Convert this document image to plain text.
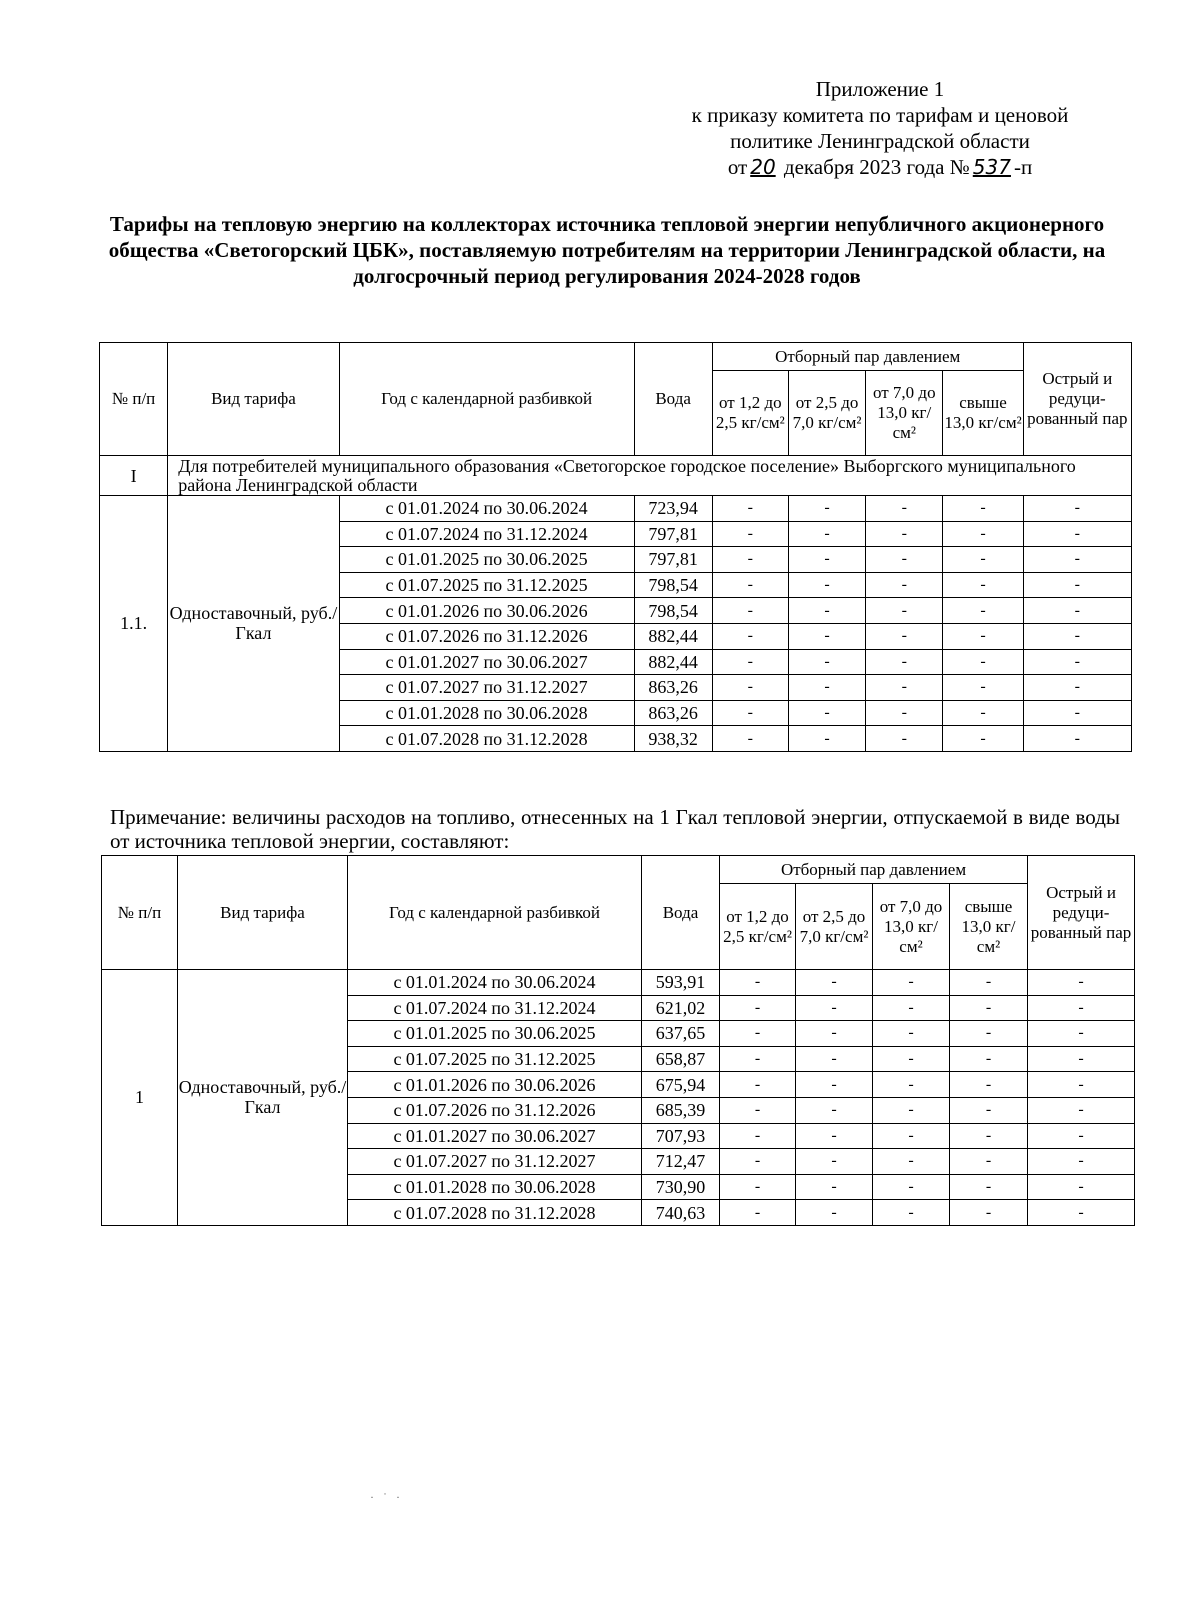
Приложение 1
к приказу комитета по тарифам и ценовой
политике Ленинградской области
от 20 декабря 2023 года № 537 -п
Тарифы на тепловую энергию на коллекторах источника тепловой энергии непубличного акционерного общества «Светогорский ЦБК», поставляемую потребителям на территории Ленинградской области, на долгосрочный период регулирования 2024-2028 годов
№ п/п	Вид тарифа	Год с календарной разбивкой	Вода	Отборный пар давлением				Острый и редуци-рованный пар
				от 1,2 до 2,5 кг/см²	от 2,5 до 7,0 кг/см²	от 7,0 до 13,0 кг/см²	свыше 13,0 кг/см²	
I	Для потребителей муниципального образования «Светогорское городское поселение» Выборгского муниципального района Ленинградской области							
1.1.	Одноставочный, руб./Гкал	с 01.01.2024 по 30.06.2024	723,94	-	-	-	-	-
		с 01.07.2024 по 31.12.2024	797,81	-	-	-	-	-
		с 01.01.2025 по 30.06.2025	797,81	-	-	-	-	-
		с 01.07.2025 по 31.12.2025	798,54	-	-	-	-	-
		с 01.01.2026 по 30.06.2026	798,54	-	-	-	-	-
		с 01.07.2026 по 31.12.2026	882,44	-	-	-	-	-
		с 01.01.2027 по 30.06.2027	882,44	-	-	-	-	-
		с 01.07.2027 по 31.12.2027	863,26	-	-	-	-	-
		с 01.01.2028 по 30.06.2028	863,26	-	-	-	-	-
		с 01.07.2028 по 31.12.2028	938,32	-	-	-	-	-
Примечание: величины расходов на топливо, отнесенных на 1 Гкал тепловой энергии, отпускаемой в виде воды от источника тепловой энергии, составляют:
№ п/п	Вид тарифа	Год с календарной разбивкой	Вода	Отборный пар давлением				Острый и редуци-рованный пар
				от 1,2 до 2,5 кг/см²	от 2,5 до 7,0 кг/см²	от 7,0 до 13,0 кг/см²	свыше 13,0 кг/см²	
1	Одноставочный, руб./Гкал	с 01.01.2024 по 30.06.2024	593,91	-	-	-	-	-
		с 01.07.2024 по 31.12.2024	621,02	-	-	-	-	-
		с 01.01.2025 по 30.06.2025	637,65	-	-	-	-	-
		с 01.07.2025 по 31.12.2025	658,87	-	-	-	-	-
		с 01.01.2026 по 30.06.2026	675,94	-	-	-	-	-
		с 01.07.2026 по 31.12.2026	685,39	-	-	-	-	-
		с 01.01.2027 по 30.06.2027	707,93	-	-	-	-	-
		с 01.07.2027 по 31.12.2027	712,47	-	-	-	-	-
		с 01.01.2028 по 30.06.2028	730,90	-	-	-	-	-
		с 01.07.2028 по 31.12.2028	740,63	-	-	-	-	-
· ˙ ·
